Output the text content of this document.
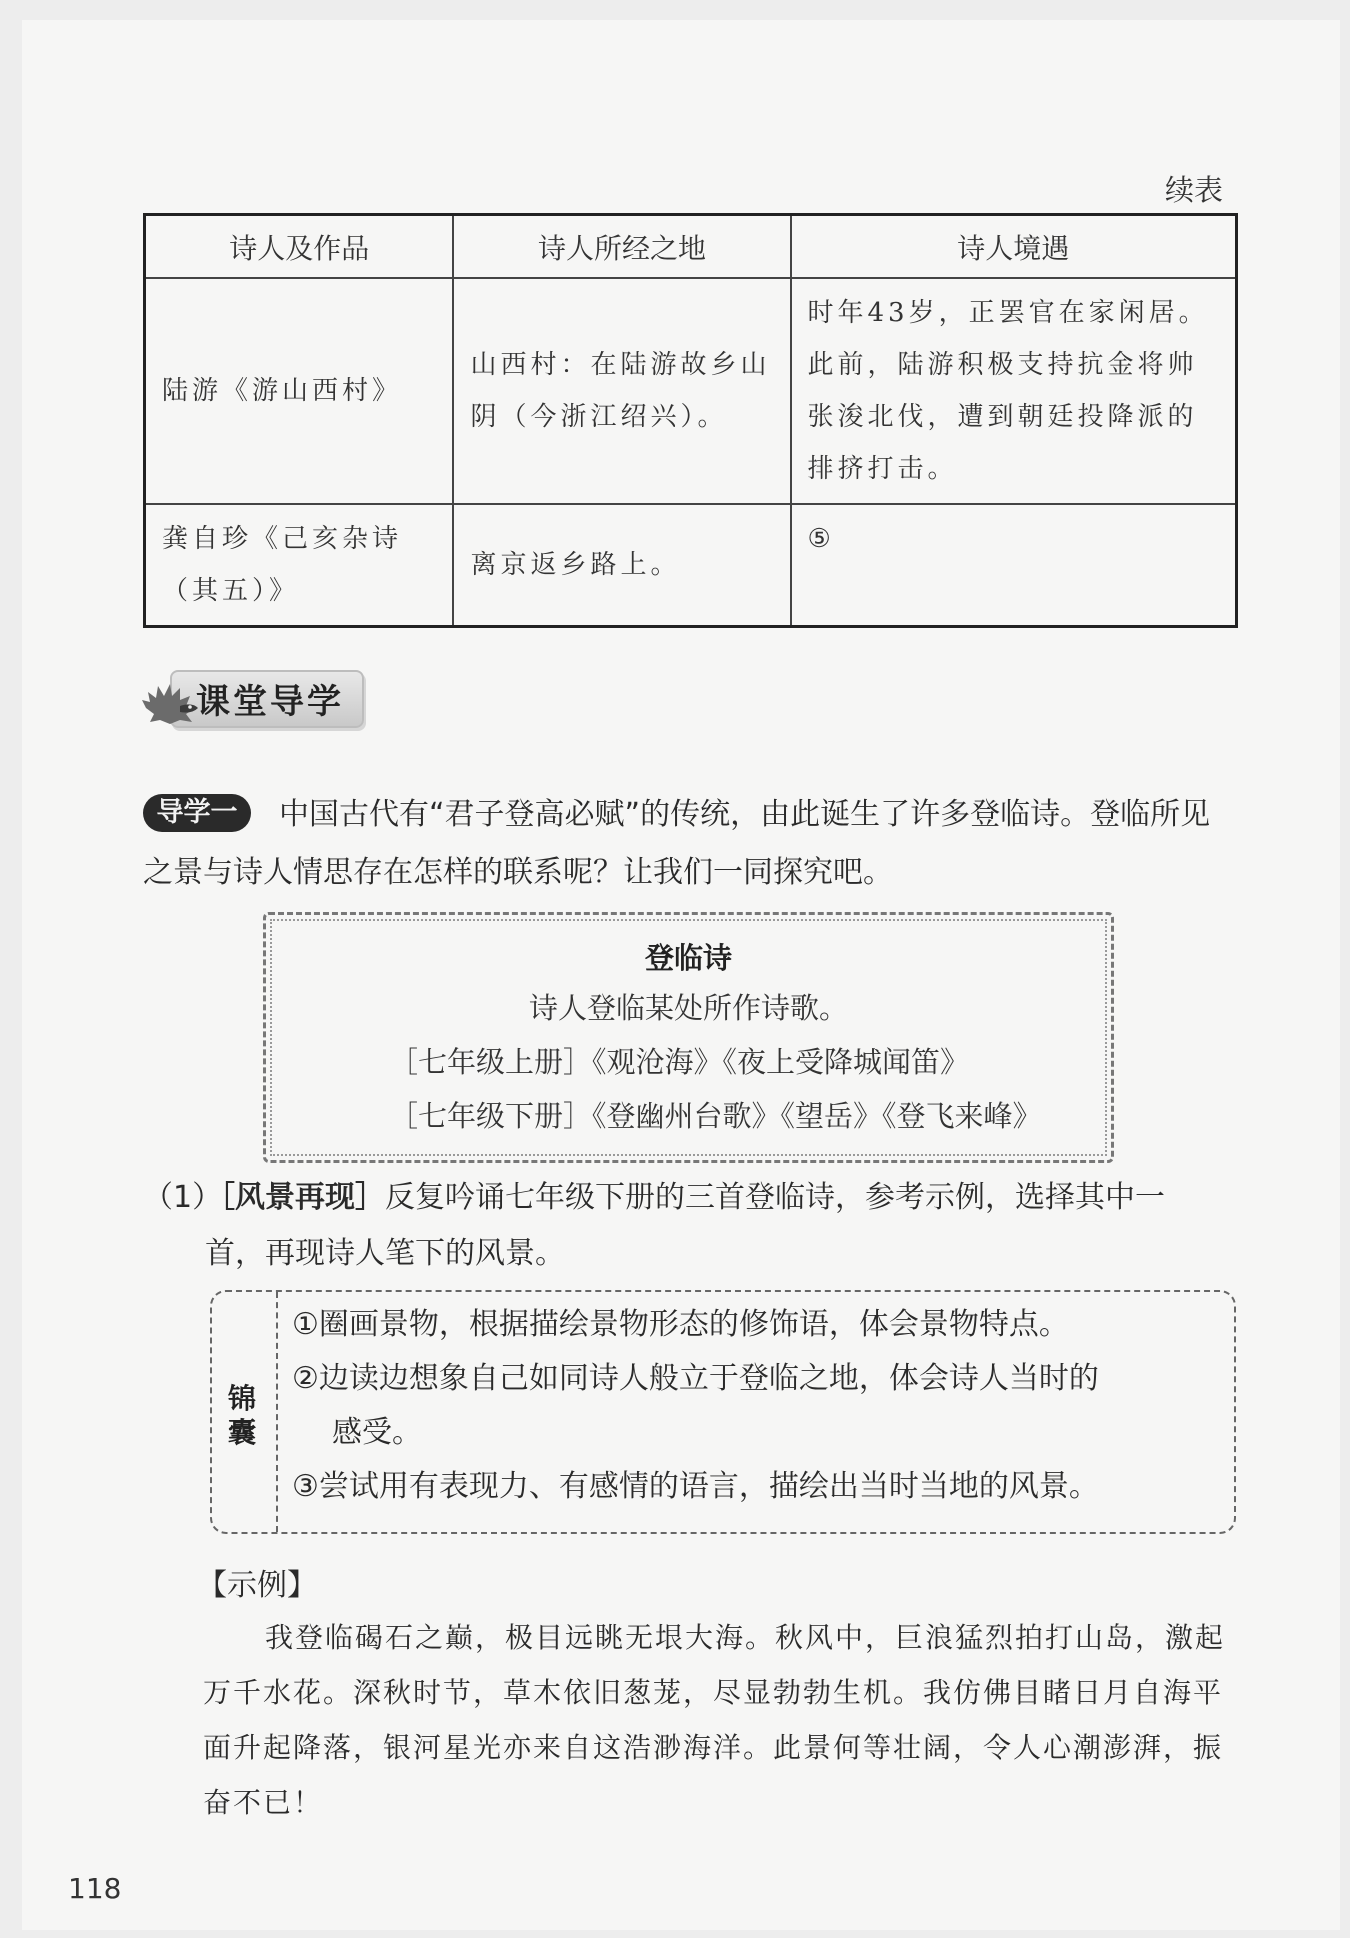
续表
诗人及作品	诗人所经之地	诗人境遇
陆游《游山西村》	山西村：在陆游故乡山阴（今浙江绍兴）。	时年43岁，正罢官在家闲居。此前，陆游积极支持抗金将帅张浚北伐，遭到朝廷投降派的排挤打击。
龚自珍《己亥杂诗（其五）》	离京返乡路上。	⑤
课堂导学
导学一 中国古代有“君子登高必赋”的传统，由此诞生了许多登临诗。登临所见之景与诗人情思存在怎样的联系呢？让我们一同探究吧。
登临诗
诗人登临某处所作诗歌。
［七年级上册］《观沧海》《夜上受降城闻笛》
［七年级下册］《登幽州台歌》《望岳》《登飞来峰》
（1）［风景再现］反复吟诵七年级下册的三首登临诗，参考示例，选择其中一
首，再现诗人笔下的风景。
锦囊
①圈画景物，根据描绘景物形态的修饰语，体会景物特点。
②边读边想象自己如同诗人般立于登临之地，体会诗人当时的
感受。
③尝试用有表现力、有感情的语言，描绘出当时当地的风景。
【示例】

我登临碣石之巅，极目远眺无垠大海。秋风中，巨浪猛烈拍打山岛，激起万千水花。深秋时节，草木依旧葱茏，尽显勃勃生机。我仿佛目睹日月自海平面升起降落，银河星光亦来自这浩渺海洋。此景何等壮阔，令人心潮澎湃，振奋不已！

118
